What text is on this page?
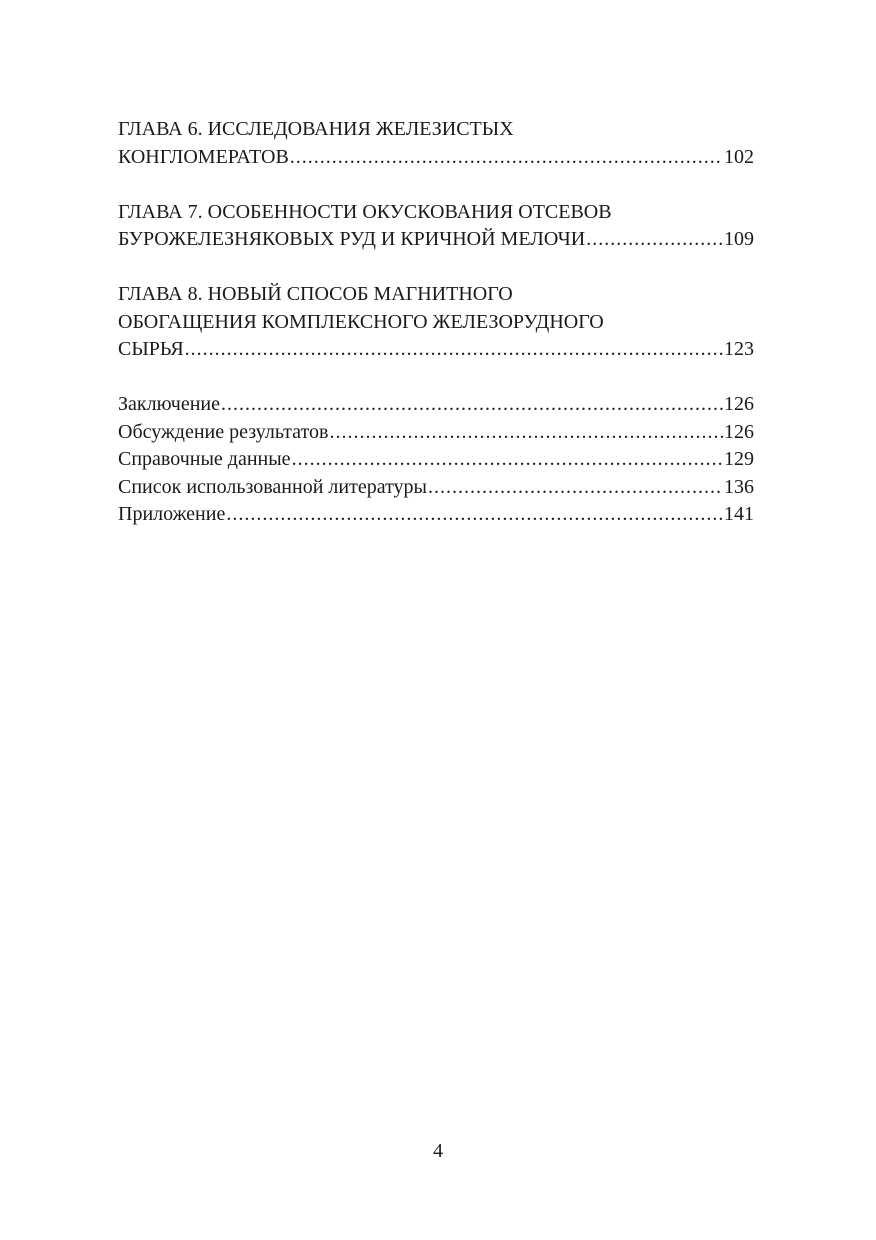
ГЛАВА 6. ИССЛЕДОВАНИЯ ЖЕЛЕЗИСТЫХ
КОНГЛОМЕРАТОВ .....	102
ГЛАВА 7. ОСОБЕННОСТИ ОКУСКОВАНИЯ ОТСЕВОВ
БУРОЖЕЛЕЗНЯКОВЫХ РУД И КРИЧНОЙ МЕЛОЧИ .....	109
ГЛАВА 8. НОВЫЙ СПОСОБ МАГНИТНОГО
ОБОГАЩЕНИЯ КОМПЛЕКСНОГО ЖЕЛЕЗОРУДНОГО
СЫРЬЯ .....	123
Заключение .....	126
Обсуждение результатов .....	126
Справочные данные .....	129
Список использованной литературы .....	136
Приложение .....	141
4
